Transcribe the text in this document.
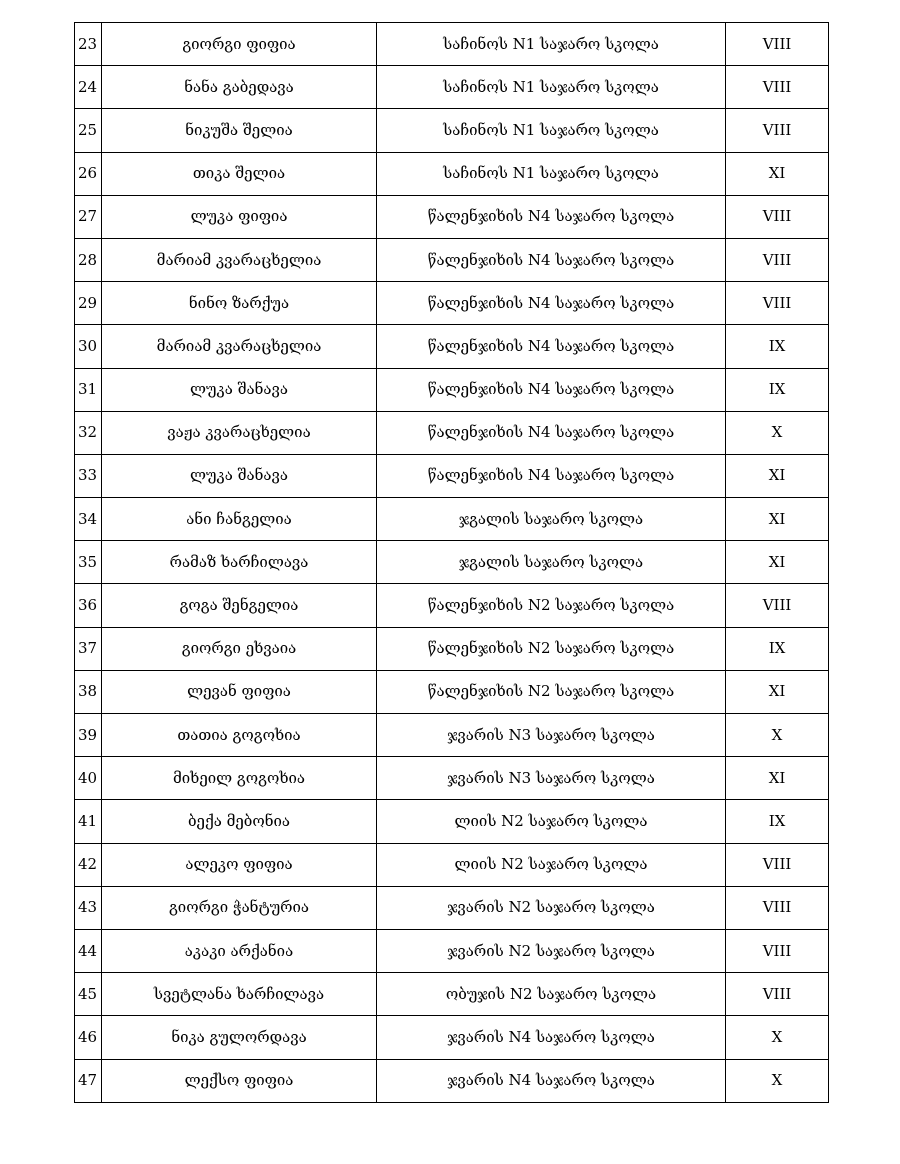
23	გიორგი ფიფია	საჩინოს N1 საჯარო სკოლა	VIII
24	ნანა გაბედავა	საჩინოს N1 საჯარო სკოლა	VIII
25	ნიკუშა შელია	საჩინოს N1 საჯარო სკოლა	VIII
26	თიკა შელია	საჩინოს N1 საჯარო სკოლა	XI
27	ლუკა ფიფია	წალენჯიხის N4 საჯარო სკოლა	VIII
28	მარიამ კვარაცხელია	წალენჯიხის N4 საჯარო სკოლა	VIII
29	ნინო ზარქუა	წალენჯიხის N4 საჯარო სკოლა	VIII
30	მარიამ კვარაცხელია	წალენჯიხის N4 საჯარო სკოლა	IX
31	ლუკა შანავა	წალენჯიხის N4 საჯარო სკოლა	IX
32	ვაჟა კვარაცხელია	წალენჯიხის N4 საჯარო სკოლა	X
33	ლუკა შანავა	წალენჯიხის N4 საჯარო სკოლა	XI
34	ანი ჩანგელია	ჯგალის საჯარო სკოლა	XI
35	რამაზ ხარჩილავა	ჯგალის საჯარო სკოლა	XI
36	გოგა შენგელია	წალენჯიხის N2 საჯარო სკოლა	VIII
37	გიორგი ეხვაია	წალენჯიხის N2 საჯარო სკოლა	IX
38	ლევან ფიფია	წალენჯიხის N2 საჯარო სკოლა	XI
39	თათია გოგოხია	ჯვარის N3 საჯარო სკოლა	X
40	მიხეილ გოგოხია	ჯვარის N3 საჯარო სკოლა	XI
41	ბექა მებონია	ლიის N2 საჯარო სკოლა	IX
42	ალეკო ფიფია	ლიის N2 საჯარო სკოლა	VIII
43	გიორგი ჭანტურია	ჯვარის N2 საჯარო სკოლა	VIII
44	აკაკი არქანია	ჯვარის N2 საჯარო სკოლა	VIII
45	სვეტლანა ხარჩილავა	ობუჯის N2 საჯარო სკოლა	VIII
46	ნიკა გულორდავა	ჯვარის N4 საჯარო სკოლა	X
47	ლექსო ფიფია	ჯვარის N4 საჯარო სკოლა	X
